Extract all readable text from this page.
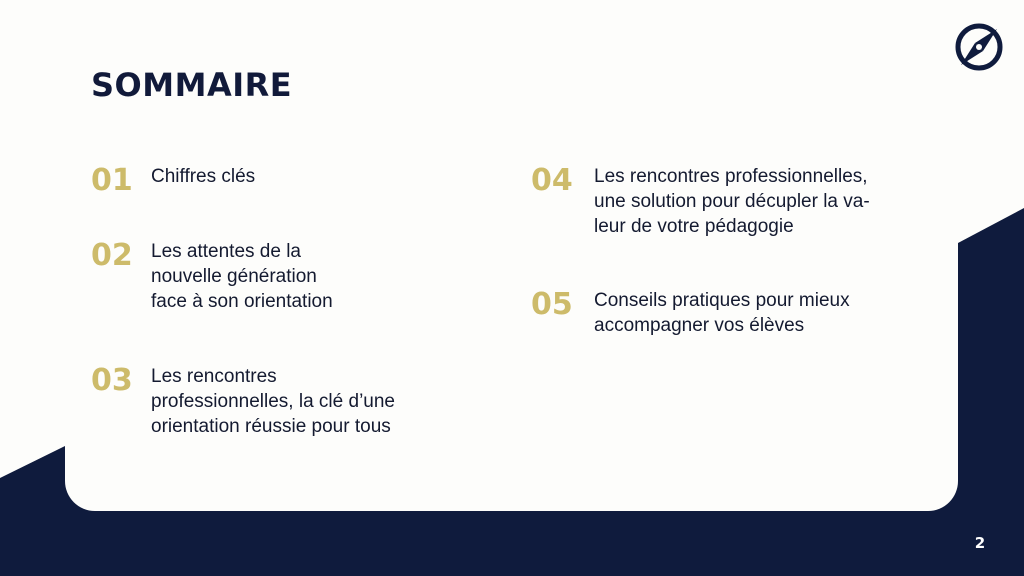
SOMMAIRE
01 Chiffres clés
02 Les attentes de la
nouvelle génération
face à son orientation
03 Les rencontres
professionnelles, la clé d’une
orientation réussie pour tous
04	Les rencontres professionnelles,
une solution pour décupler la va-
leur de votre pédagogie
05	Conseils pratiques pour mieux
accompagner vos élèves
2
